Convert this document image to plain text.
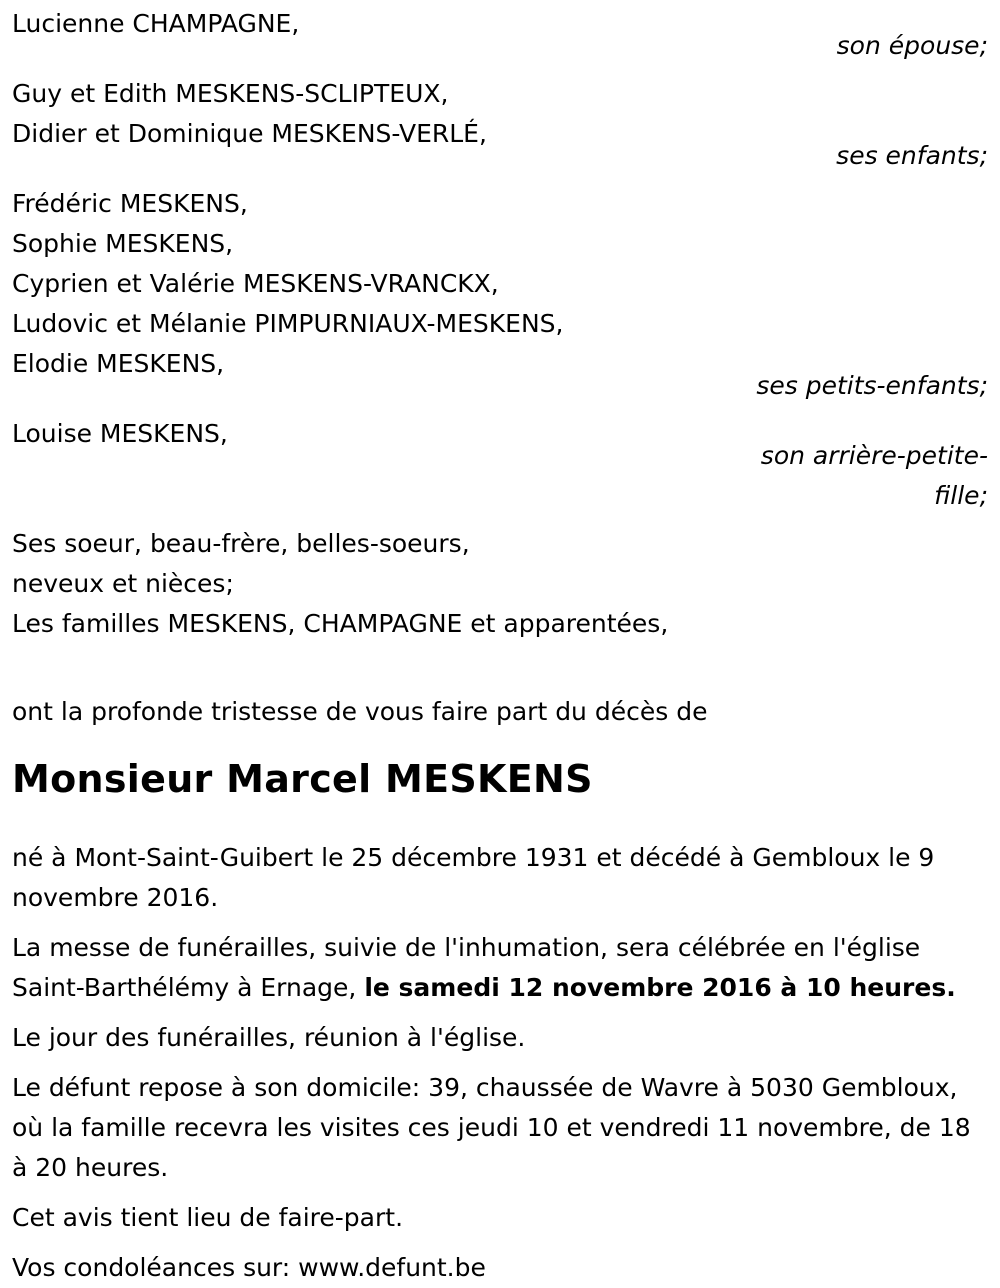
Lucienne CHAMPAGNE,
son épouse;
Guy et Edith MESKENS-SCLIPTEUX,
Didier et Dominique MESKENS-VERLÉ,
ses enfants;
Frédéric MESKENS,
Sophie MESKENS,
Cyprien et Valérie MESKENS-VRANCKX,
Ludovic et Mélanie PIMPURNIAUX-MESKENS,
Elodie MESKENS,
ses petits-enfants;
Louise MESKENS,
son arrière-petite-fille;
Ses soeur, beau-frère, belles-soeurs,
neveux et nièces;
Les familles MESKENS, CHAMPAGNE et apparentées,
ont la profonde tristesse de vous faire part du décès de
Monsieur Marcel MESKENS
né à Mont-Saint-Guibert le 25 décembre 1931 et décédé à Gembloux le 9 novembre 2016.
La messe de funérailles, suivie de l'inhumation, sera célébrée en l'église Saint-Barthélémy à Ernage, le samedi 12 novembre 2016 à 10 heures.
Le jour des funérailles, réunion à l'église.
Le défunt repose à son domicile: 39, chaussée de Wavre à 5030 Gembloux, où la famille recevra les visites ces jeudi 10 et vendredi 11 novembre, de 18 à 20 heures.
Cet avis tient lieu de faire-part.
Vos condoléances sur: www.defunt.be
